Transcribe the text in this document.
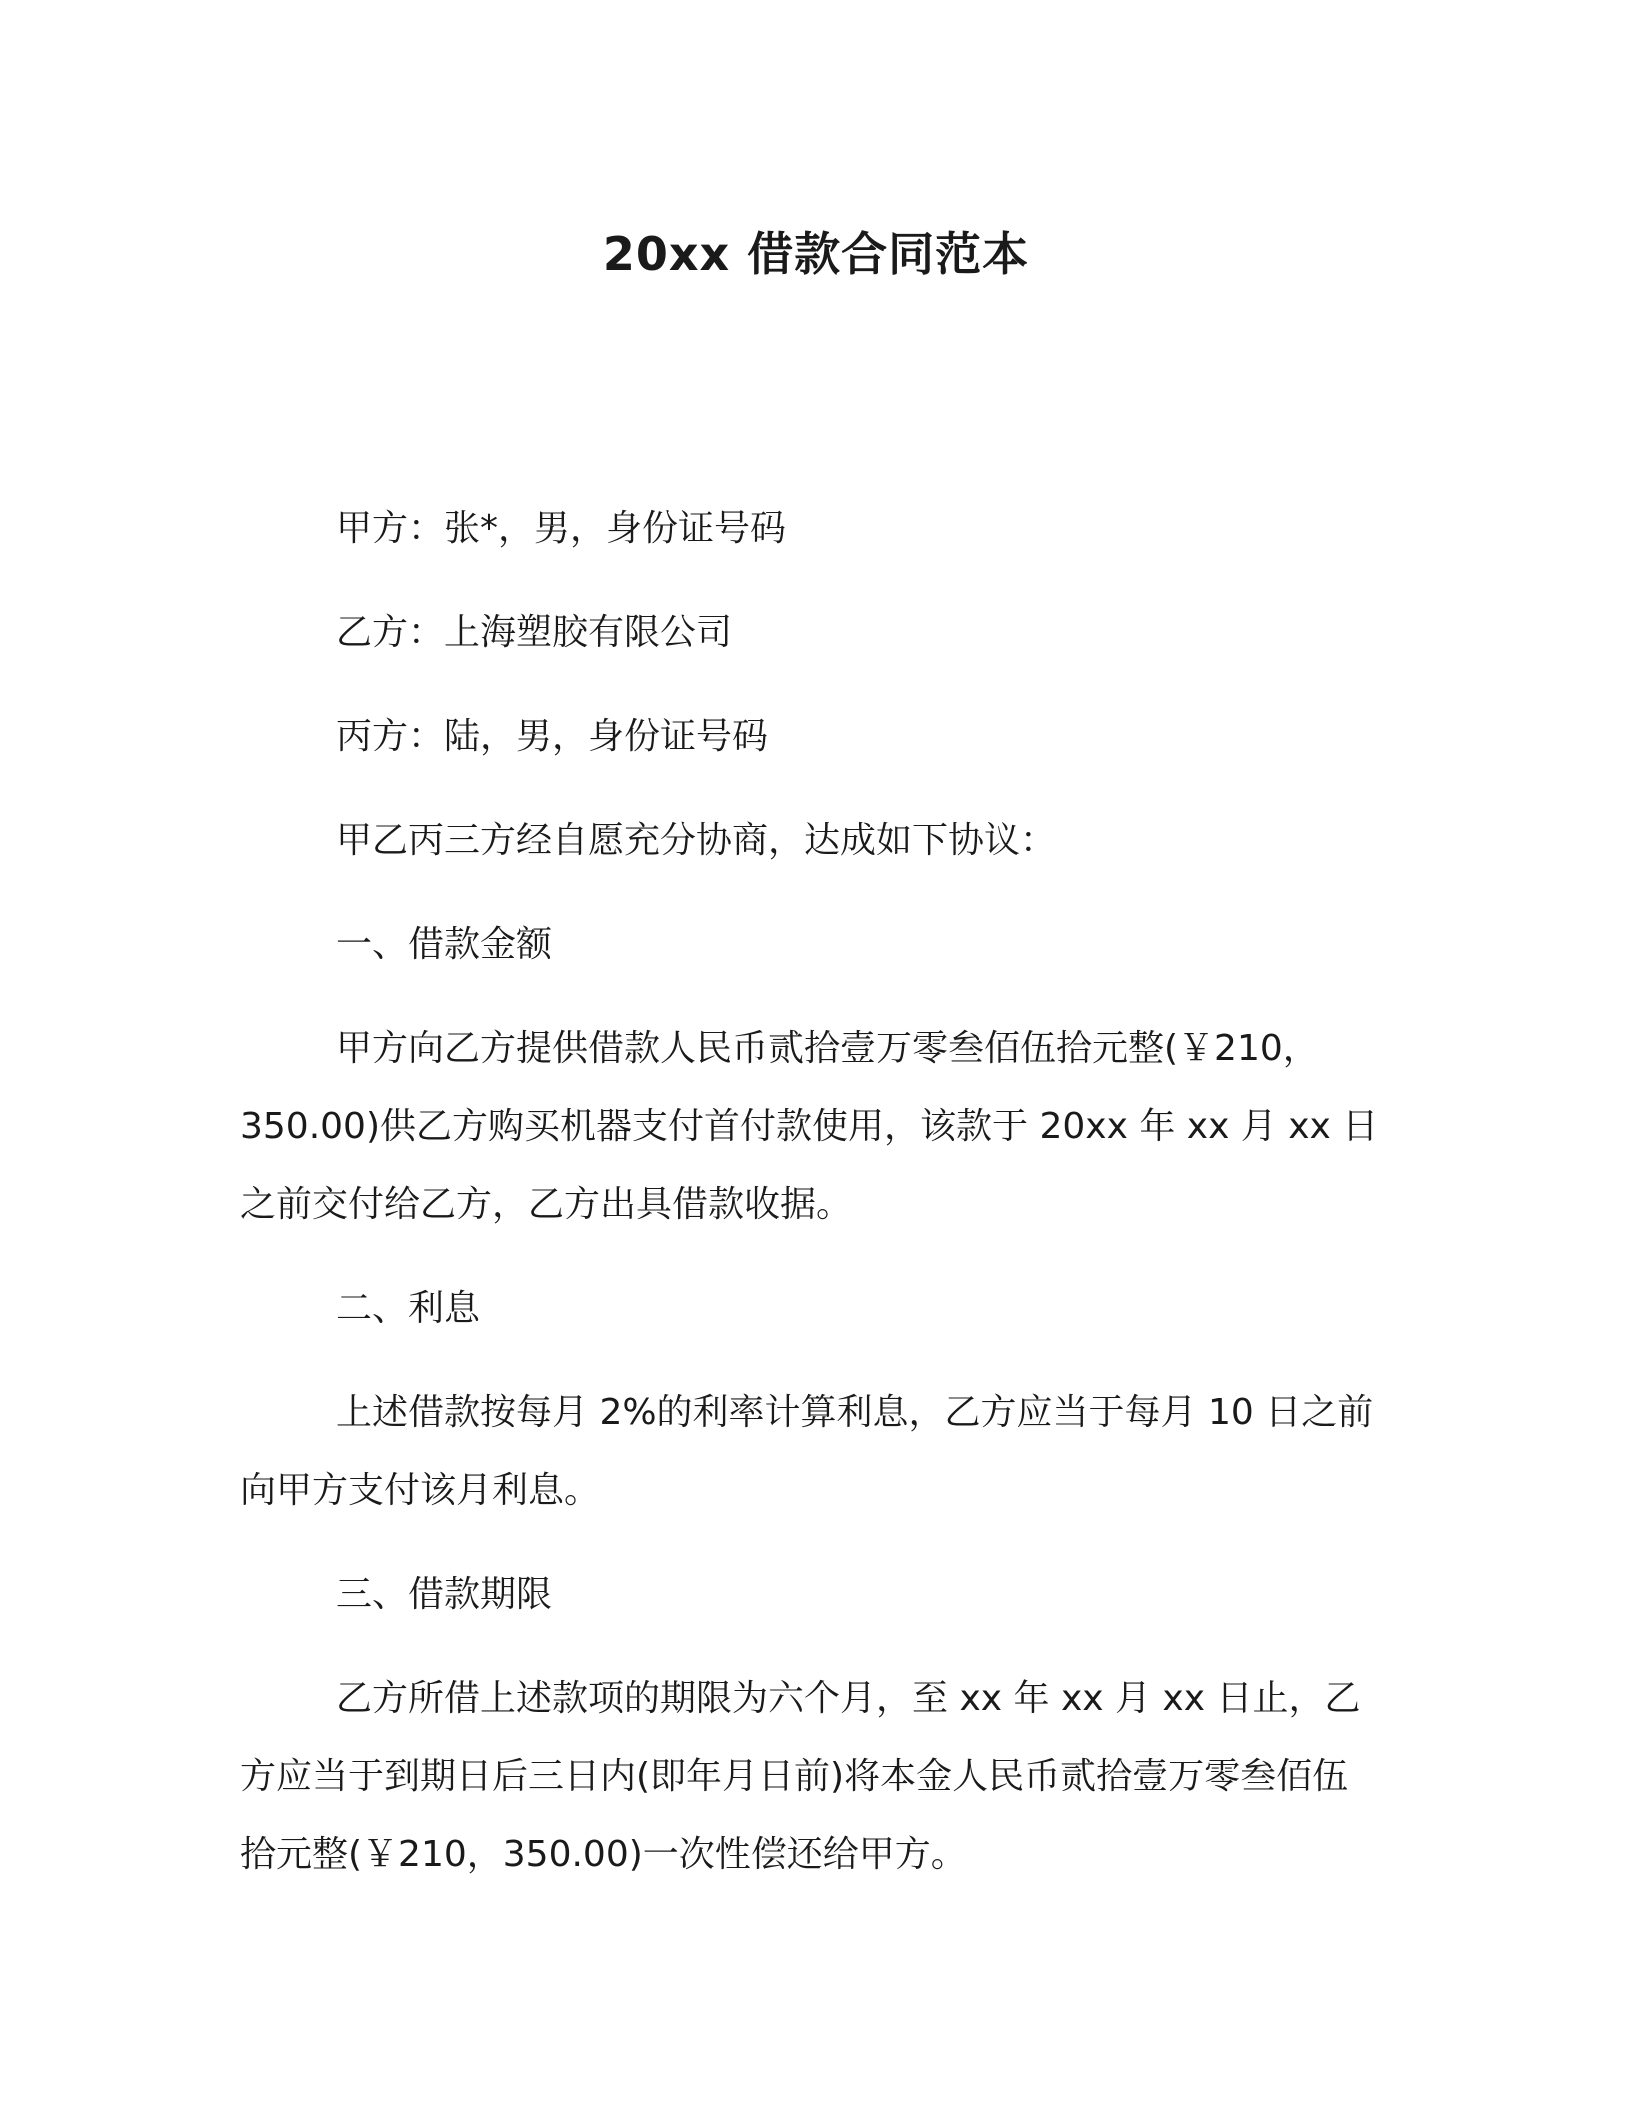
20xx 借款合同范本

甲方：张*，男，身份证号码

乙方：上海塑胶有限公司

丙方：陆，男，身份证号码

甲乙丙三方经自愿充分协商，达成如下协议：

一、借款金额

甲方向乙方提供借款人民币贰拾壹万零叁佰伍拾元整(￥210，350.00)供乙方购买机器支付首付款使用，该款于 20xx 年 xx 月 xx 日之前交付给乙方，乙方出具借款收据。

二、利息

上述借款按每月 2%的利率计算利息，乙方应当于每月 10 日之前向甲方支付该月利息。

三、借款期限

乙方所借上述款项的期限为六个月，至 xx 年 xx 月 xx 日止，乙方应当于到期日后三日内(即年月日前)将本金人民币贰拾壹万零叁佰伍拾元整(￥210，350.00)一次性偿还给甲方。
